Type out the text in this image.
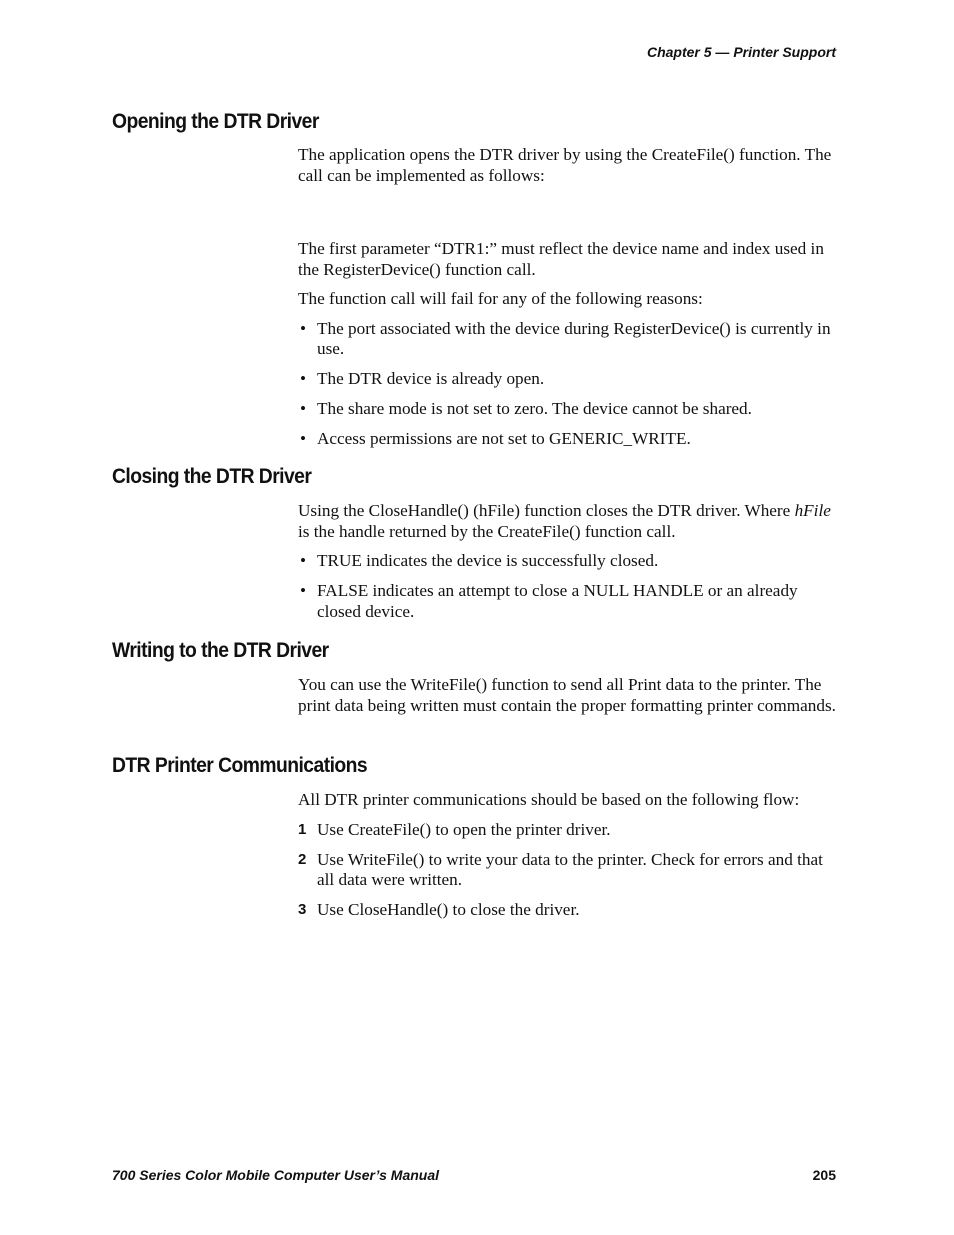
Chapter 5 — Printer Support
Opening the DTR Driver

The application opens the DTR driver by using the CreateFile() function. The call can be implemented as follows:

The first parameter “DTR1:” must reflect the device name and index used in the RegisterDevice() function call.

The function call will fail for any of the following reasons:

• The port associated with the device during RegisterDevice() is currently in use.
• The DTR device is already open.
• The share mode is not set to zero. The device cannot be shared.
• Access permissions are not set to GENERIC_WRITE.
Closing the DTR Driver

Using the CloseHandle() (hFile) function closes the DTR driver. Where hFile is the handle returned by the CreateFile() function call.

• TRUE indicates the device is successfully closed.
• FALSE indicates an attempt to close a NULL HANDLE or an already closed device.
Writing to the DTR Driver

You can use the WriteFile() function to send all Print data to the printer. The print data being written must contain the proper formatting printer commands.

DTR Printer Communications

All DTR printer communications should be based on the following flow:

1 Use CreateFile() to open the printer driver.
2 Use WriteFile() to write your data to the printer. Check for errors and that all data were written.
3 Use CloseHandle() to close the driver.
700 Series Color Mobile Computer User’s Manual	205
